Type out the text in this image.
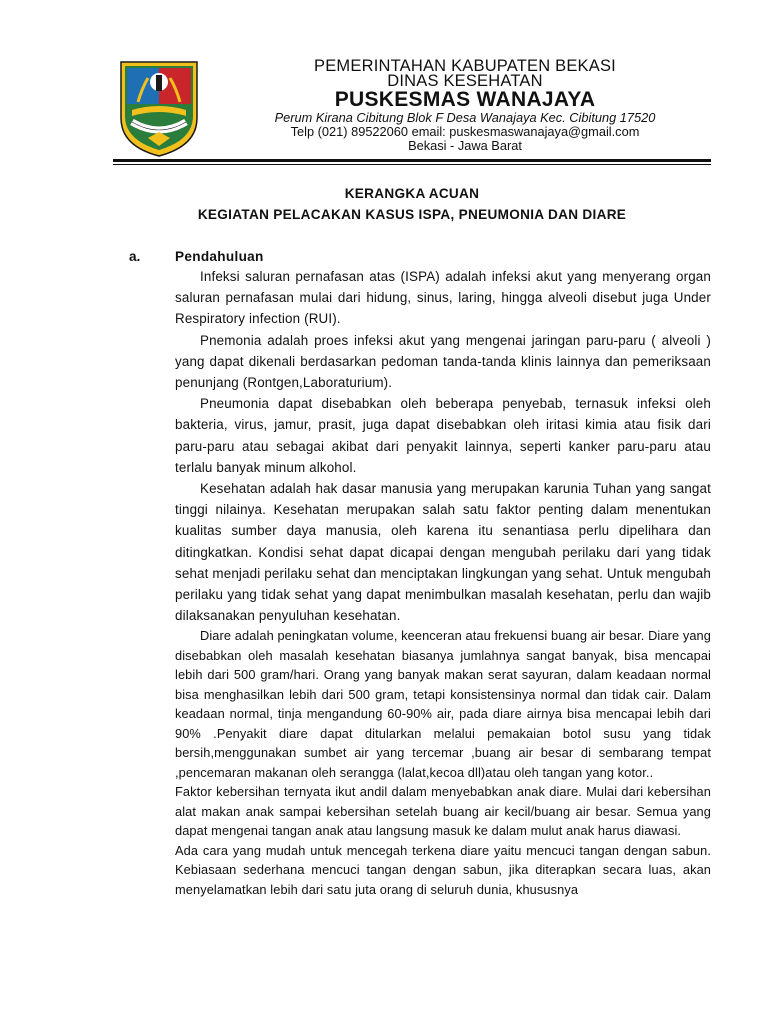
PEMERINTAHAN KABUPATEN BEKASI
DINAS KESEHATAN
PUSKESMAS WANAJAYA
Perum Kirana Cibitung Blok F Desa Wanajaya Kec. Cibitung 17520
Telp (021) 89522060 email: puskesmaswanajaya@gmail.com
Bekasi - Jawa Barat
KERANGKA ACUAN
KEGIATAN PELACAKAN KASUS ISPA, PNEUMONIA DAN DIARE
a.	Pendahuluan

Infeksi saluran pernafasan atas (ISPA) adalah infeksi akut yang menyerang organ saluran pernafasan mulai dari hidung, sinus, laring, hingga alveoli disebut juga Under Respiratory infection (RUI).

Pnemonia adalah proes infeksi akut yang mengenai jaringan paru-paru ( alveoli ) yang dapat dikenali berdasarkan pedoman tanda-tanda klinis lainnya dan pemeriksaan penunjang (Rontgen,Laboraturium).

Pneumonia dapat disebabkan oleh beberapa penyebab, ternasuk infeksi oleh bakteria, virus, jamur, prasit, juga dapat disebabkan oleh iritasi kimia atau fisik dari paru-paru atau sebagai akibat dari penyakit lainnya, seperti kanker paru-paru atau terlalu banyak minum alkohol.

Kesehatan adalah hak dasar manusia yang merupakan karunia Tuhan yang sangat tinggi nilainya. Kesehatan merupakan salah satu faktor penting dalam menentukan kualitas sumber daya manusia, oleh karena itu senantiasa perlu dipelihara dan ditingkatkan. Kondisi sehat dapat dicapai dengan mengubah perilaku dari yang tidak sehat menjadi perilaku sehat dan menciptakan lingkungan yang sehat. Untuk mengubah perilaku yang tidak sehat yang dapat menimbulkan masalah kesehatan, perlu dan wajib dilaksanakan penyuluhan kesehatan.

Diare adalah peningkatan volume, keenceran atau frekuensi buang air besar. Diare yang disebabkan oleh masalah kesehatan biasanya jumlahnya sangat banyak, bisa mencapai lebih dari 500 gram/hari. Orang yang banyak makan serat sayuran, dalam keadaan normal bisa menghasilkan lebih dari 500 gram, tetapi konsistensinya normal dan tidak cair. Dalam keadaan normal, tinja mengandung 60-90% air, pada diare airnya bisa mencapai lebih dari 90% .Penyakit diare dapat ditularkan melalui pemakaian botol susu yang tidak bersih,menggunakan sumbet air yang tercemar ,buang air besar di sembarang tempat ,pencemaran makanan oleh serangga (lalat,kecoa dll)atau oleh tangan yang kotor..

Faktor kebersihan ternyata ikut andil dalam menyebabkan anak diare. Mulai dari kebersihan alat makan anak sampai kebersihan setelah buang air kecil/buang air besar. Semua yang dapat mengenai tangan anak atau langsung masuk ke dalam mulut anak harus diawasi.

Ada cara yang mudah untuk mencegah terkena diare yaitu mencuci tangan dengan sabun. Kebiasaan sederhana mencuci tangan dengan sabun, jika diterapkan secara luas, akan menyelamatkan lebih dari satu juta orang di seluruh dunia, khususnya
